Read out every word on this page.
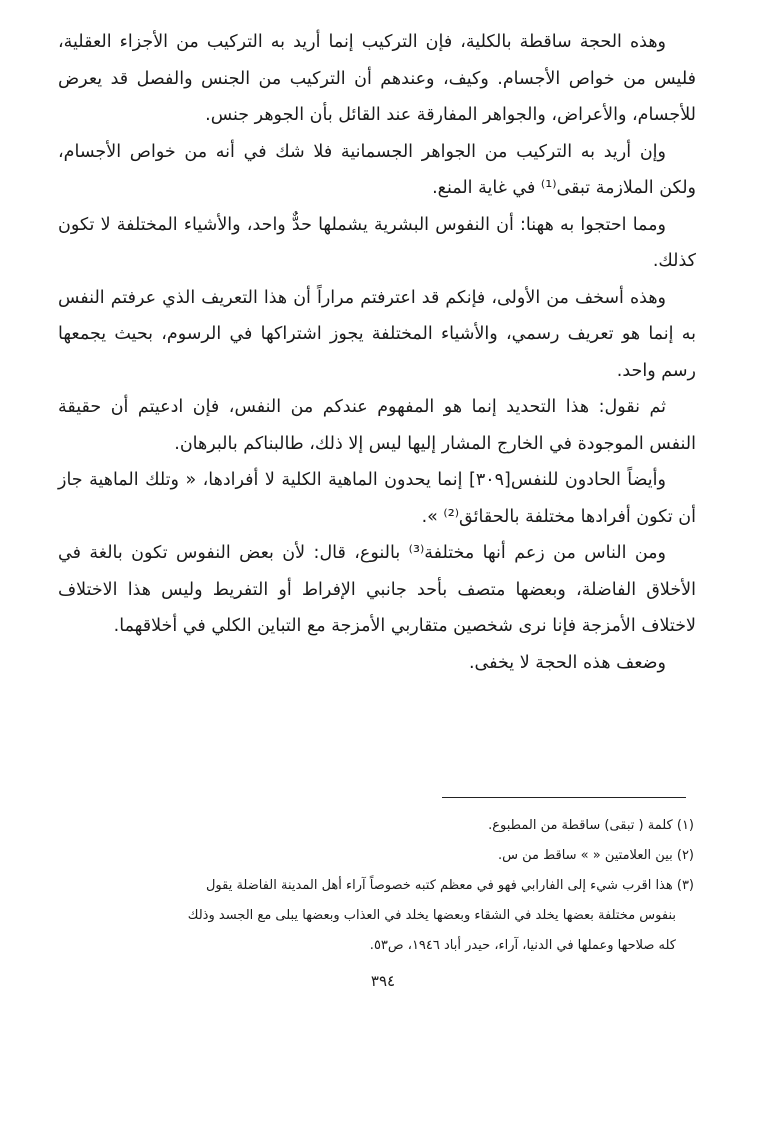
وهذه الحجة ساقطة بالكلية، فإن التركيب إنما أريد به التركيب من الأجزاء العقلية، فليس من خواص الأجسام. وكيف، وعندهم أن التركيب من الجنس والفصل قد يعرض للأجسام، والأعراض، والجواهر المفارقة عند القائل بأن الجوهر جنس.

وإن أريد به التركيب من الجواهر الجسمانية فلا شك في أنه من خواص الأجسام، ولكن الملازمة تبقى⁽¹⁾ في غاية المنع.

ومما احتجوا به ههنا: أن النفوس البشرية يشملها حدٌّ واحد، والأشياء المختلفة لا تكون كذلك.

وهذه أسخف من الأولى، فإنكم قد اعترفتم مراراً أن هذا التعريف الذي عرفتم النفس به إنما هو تعريف رسمي، والأشياء المختلفة يجوز اشتراكها في الرسوم، بحيث يجمعها رسم واحد.

ثم نقول: هذا التحديد إنما هو المفهوم عندكم من النفس، فإن ادعيتم أن حقيقة النفس الموجودة في الخارج المشار إليها ليس إلا ذلك، طالبناكم بالبرهان.

وأيضاً الحادون للنفس[٣٠٩] إنما يحدون الماهية الكلية لا أفرادها، « وتلك الماهية جاز أن تكون أفرادها مختلفة بالحقائق⁽²⁾ ».

ومن الناس من زعم أنها مختلفة⁽³⁾ بالنوع، قال: لأن بعض النفوس تكون بالغة في الأخلاق الفاضلة، وبعضها متصف بأحد جانبي الإفراط أو التفريط وليس هذا الاختلاف لاختلاف الأمزجة فإنا نرى شخصين متقاربي الأمزجة مع التباين الكلي في أخلاقهما.

وضعف هذه الحجة لا يخفى.

(١) كلمة ( تبقى) ساقطة من المطبوع.

(٢) بين العلامتين « » ساقط من س.

(٣) هذا اقرب شيء إلى الفارابي فهو في معظم كتبه خصوصاً آراء أهل المدينة الفاضلة يقول

بنفوس مختلفة بعضها يخلد في الشقاء وبعضها يخلد في العذاب وبعضها يبلى مع الجسد وذلك

كله صلاحها وعملها في الدنيا، آراء، حيدر أباد ١٩٤٦، ص٥٣.

٣٩٤
